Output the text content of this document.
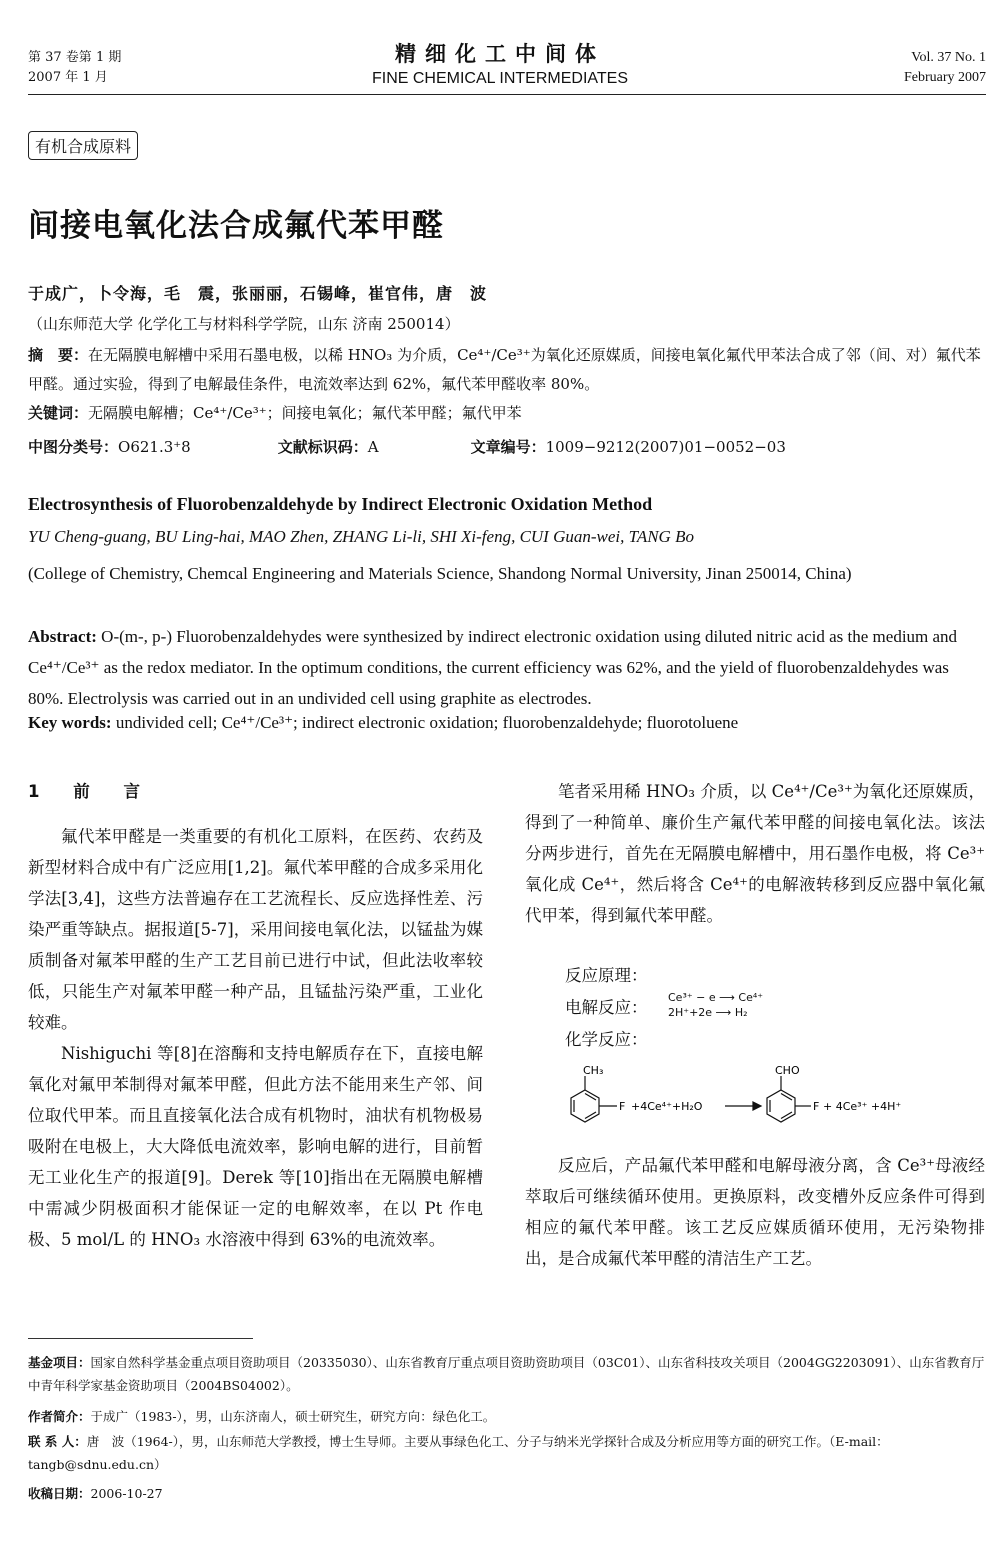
第 37 卷第 1 期
2007 年 1 月
精细化工中间体
FINE CHEMICAL INTERMEDIATES
Vol. 37 No. 1
February 2007
有机合成原料
间接电氧化法合成氟代苯甲醛
于成广，卜令海，毛　震，张丽丽，石锡峰，崔官伟，唐　波
（山东师范大学 化学化工与材料科学学院，山东 济南 250014）
摘　要：在无隔膜电解槽中采用石墨电极，以稀 HNO₃ 为介质，Ce⁴⁺/Ce³⁺为氧化还原媒质，间接电氧化氟代甲苯法合成了邻（间、对）氟代苯甲醛。通过实验，得到了电解最佳条件，电流效率达到 62%，氟代苯甲醛收率 80%。
关键词：无隔膜电解槽；Ce⁴⁺/Ce³⁺；间接电氧化；氟代苯甲醛；氟代甲苯
中图分类号：O621.3⁺8	文献标识码：A	文章编号：1009−9212(2007)01−0052−03
Electrosynthesis of Fluorobenzaldehyde by Indirect Electronic Oxidation Method
YU Cheng-guang, BU Ling-hai, MAO Zhen, ZHANG Li-li, SHI Xi-feng, CUI Guan-wei, TANG Bo
(College of Chemistry, Chemcal Engineering and Materials Science, Shandong Normal University, Jinan 250014, China)
Abstract: O-(m-, p-) Fluorobenzaldehydes were synthesized by indirect electronic oxidation using diluted nitric acid as the medium and Ce⁴⁺/Ce³⁺ as the redox mediator. In the optimum conditions, the current efficiency was 62%, and the yield of fluorobenzaldehydes was 80%. Electrolysis was carried out in an undivided cell using graphite as electrodes.
Key words: undivided cell; Ce⁴⁺/Ce³⁺; indirect electronic oxidation; fluorobenzaldehyde; fluorotoluene
1 前 言

氟代苯甲醛是一类重要的有机化工原料，在医药、农药及新型材料合成中有广泛应用[1,2]。氟代苯甲醛的合成多采用化学法[3,4]，这些方法普遍存在工艺流程长、反应选择性差、污染严重等缺点。据报道[5-7]，采用间接电氧化法，以锰盐为媒质制备对氟苯甲醛的生产工艺目前已进行中试，但此法收率较低，只能生产对氟苯甲醛一种产品，且锰盐污染严重，工业化较难。

Nishiguchi 等[8]在溶酶和支持电解质存在下，直接电解氧化对氟甲苯制得对氟苯甲醛，但此方法不能用来生产邻、间位取代甲苯。而且直接氧化法合成有机物时，油状有机物极易吸附在电极上，大大降低电流效率，影响电解的进行，目前暂无工业化生产的报道[9]。Derek 等[10]指出在无隔膜电解槽中需减少阴极面积才能保证一定的电解效率，在以 Pt 作电极、5 mol/L 的 HNO₃ 水溶液中得到 63%的电流效率。

笔者采用稀 HNO₃ 介质，以 Ce⁴⁺/Ce³⁺为氧化还原媒质，得到了一种简单、廉价生产氟代苯甲醛的间接电氧化法。该法分两步进行，首先在无隔膜电解槽中，用石墨作电极，将 Ce³⁺氧化成 Ce⁴⁺，然后将含 Ce⁴⁺的电解液转移到反应器中氧化氟代甲苯，得到氟代苯甲醛。

反应原理：
电解反应：
Ce³⁺ − e ⟶ Ce⁴⁺
2H⁺+2e ⟶ H₂
化学反应：
CH₃
F +4Ce⁴⁺+H₂O
CHO
F + 4Ce³⁺ +4H⁺

反应后，产品氟代苯甲醛和电解母液分离，含 Ce³⁺母液经萃取后可继续循环使用。更换原料，改变槽外反应条件可得到相应的氟代苯甲醛。该工艺反应媒质循环使用，无污染物排出，是合成氟代苯甲醛的清洁生产工艺。

基金项目：国家自然科学基金重点项目资助项目（20335030）、山东省教育厅重点项目资助资助项目（03C01）、山东省科技攻关项目（2004GG2203091）、山东省教育厅中青年科学家基金资助项目（2004BS04002）。
作者简介：于成广（1983-），男，山东济南人，硕士研究生，研究方向：绿色化工。
联 系 人：唐　波（1964-），男，山东师范大学教授，博士生导师。主要从事绿色化工、分子与纳米光学探针合成及分析应用等方面的研究工作。（E-mail：tangb@sdnu.edu.cn）
收稿日期：2006-10-27
